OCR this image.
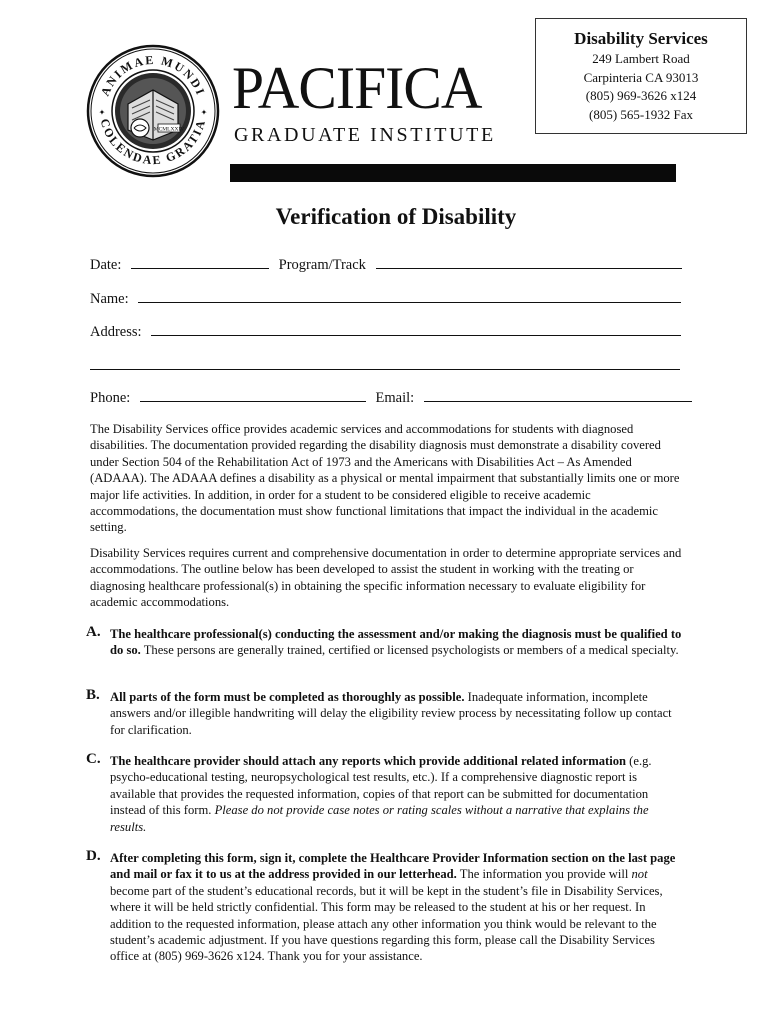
ANIMAE MUNDI
COLENDAE GRATIA
MCMLXXIV
✦	✦ PACIFICA
GRADUATE INSTITUTE
Disability Services
249 Lambert Road
Carpinteria CA 93013
(805) 969-3626 x124
(805) 565-1932 Fax
Verification of Disability
Date:	Program/Track
Name:
Address:
Phone:	Email:
The Disability Services office provides academic services and accommodations for students with diagnosed disabilities. The documentation provided regarding the disability diagnosis must demonstrate a disability covered under Section 504 of the Rehabilitation Act of 1973 and the Americans with Disabilities Act – As Amended (ADAAA). The ADAAA defines a disability as a physical or mental impairment that substantially limits one or more major life activities. In addition, in order for a student to be considered eligible to receive academic accommodations, the documentation must show functional limitations that impact the individual in the academic setting.
Disability Services requires current and comprehensive documentation in order to determine appropriate services and accommodations. The outline below has been developed to assist the student in working with the treating or diagnosing healthcare professional(s) in obtaining the specific information necessary to evaluate eligibility for academic accommodations.
A. The healthcare professional(s) conducting the assessment and/or making the diagnosis must be qualified to do so. These persons are generally trained, certified or licensed psychologists or members of a medical specialty.
B. All parts of the form must be completed as thoroughly as possible. Inadequate information, incomplete answers and/or illegible handwriting will delay the eligibility review process by necessitating follow up contact for clarification.
C. The healthcare provider should attach any reports which provide additional related information (e.g. psycho-educational testing, neuropsychological test results, etc.). If a comprehensive diagnostic report is available that provides the requested information, copies of that report can be submitted for documentation instead of this form. Please do not provide case notes or rating scales without a narrative that explains the results.
D. After completing this form, sign it, complete the Healthcare Provider Information section on the last page and mail or fax it to us at the address provided in our letterhead. The information you provide will not become part of the student’s educational records, but it will be kept in the student’s file in Disability Services, where it will be held strictly confidential. This form may be released to the student at his or her request. In addition to the requested information, please attach any other information you think would be relevant to the student’s academic adjustment. If you have questions regarding this form, please call the Disability Services office at (805) 969-3626 x124. Thank you for your assistance.
